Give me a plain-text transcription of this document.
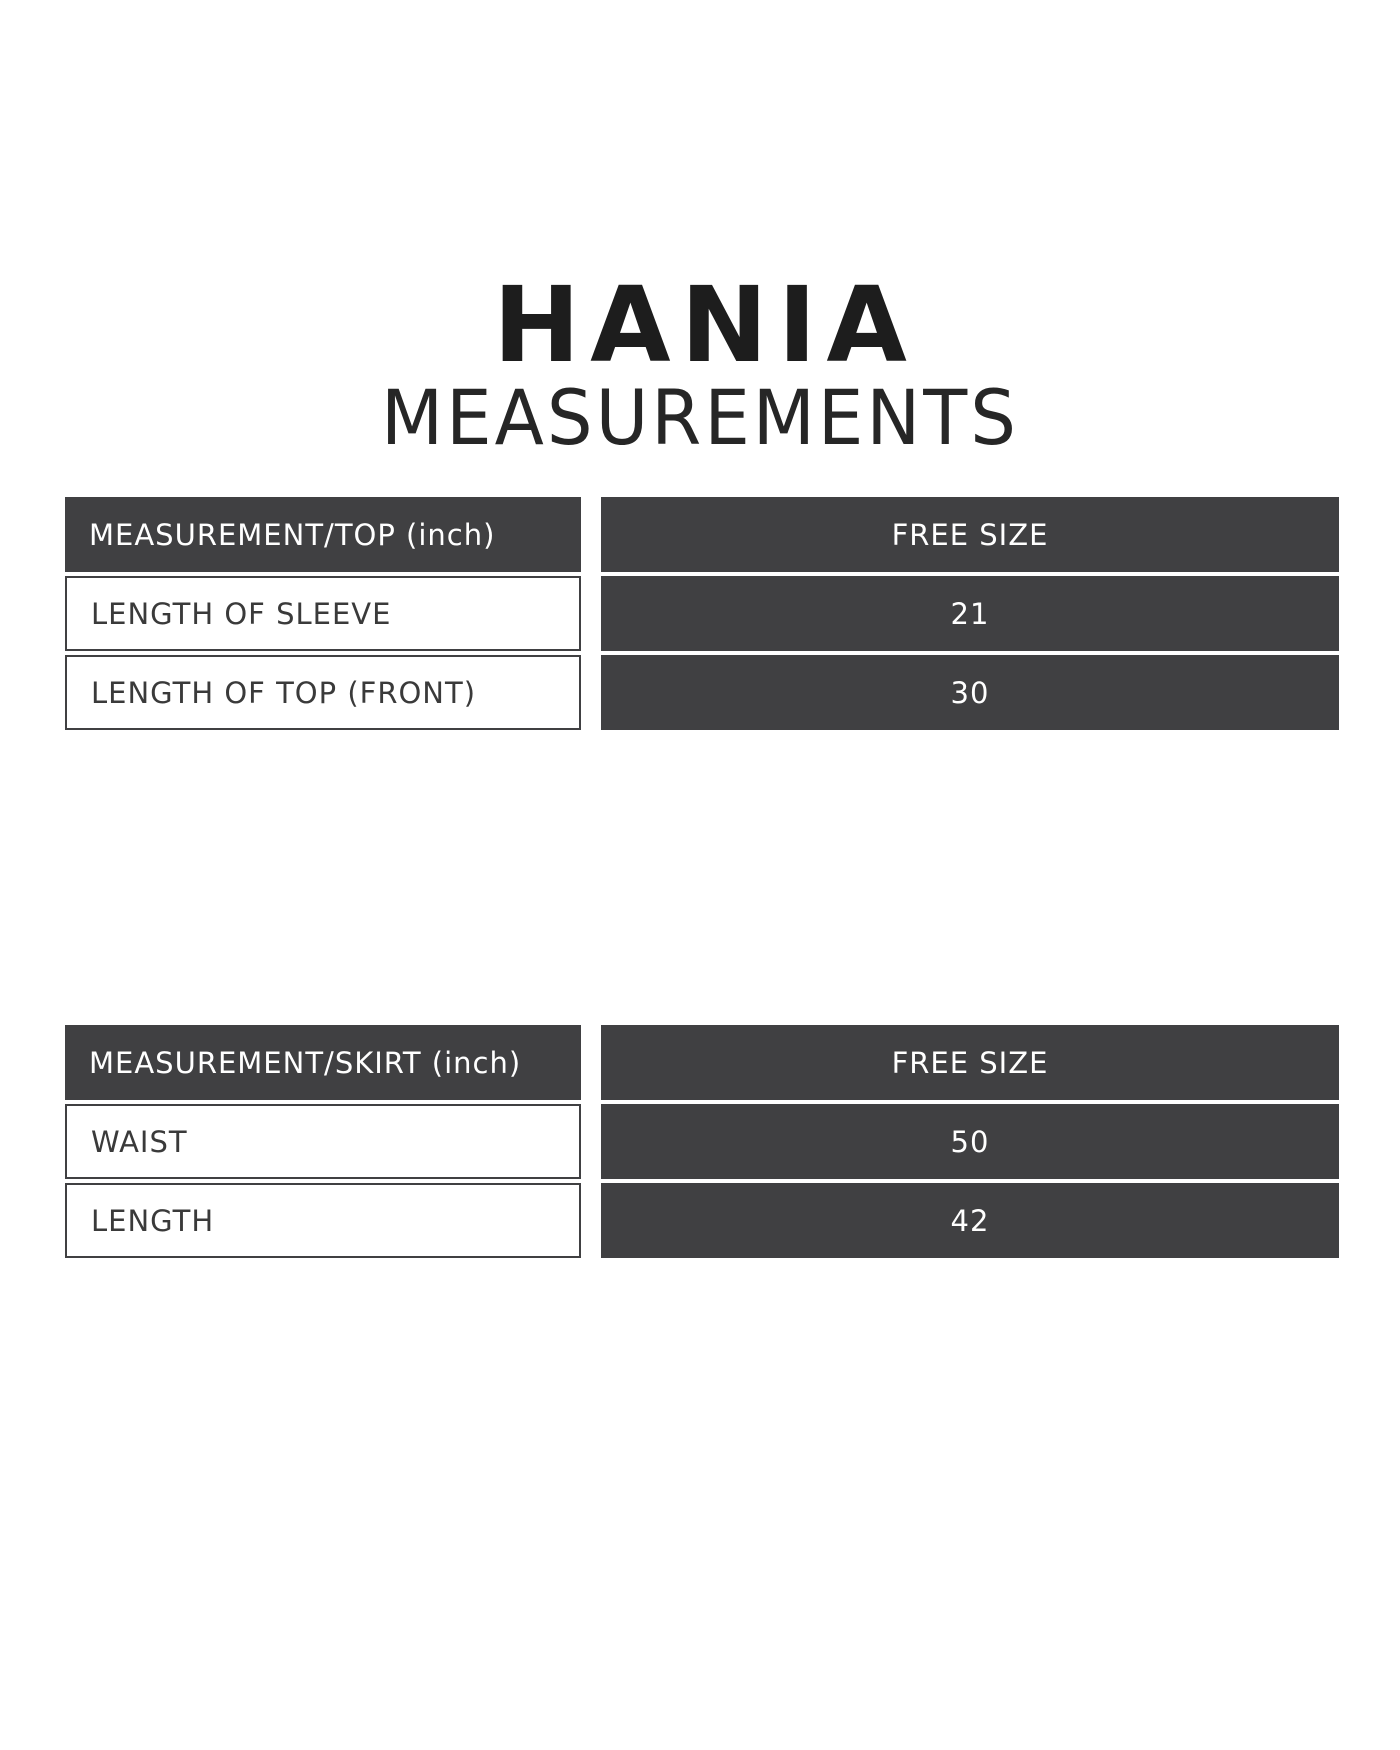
HANIA
MEASUREMENTS
MEASUREMENT/TOP (inch)	FREE SIZE
LENGTH OF SLEEVE	21
LENGTH OF TOP (FRONT)	30
MEASUREMENT/SKIRT (inch)	FREE SIZE
WAIST	50
LENGTH	42
